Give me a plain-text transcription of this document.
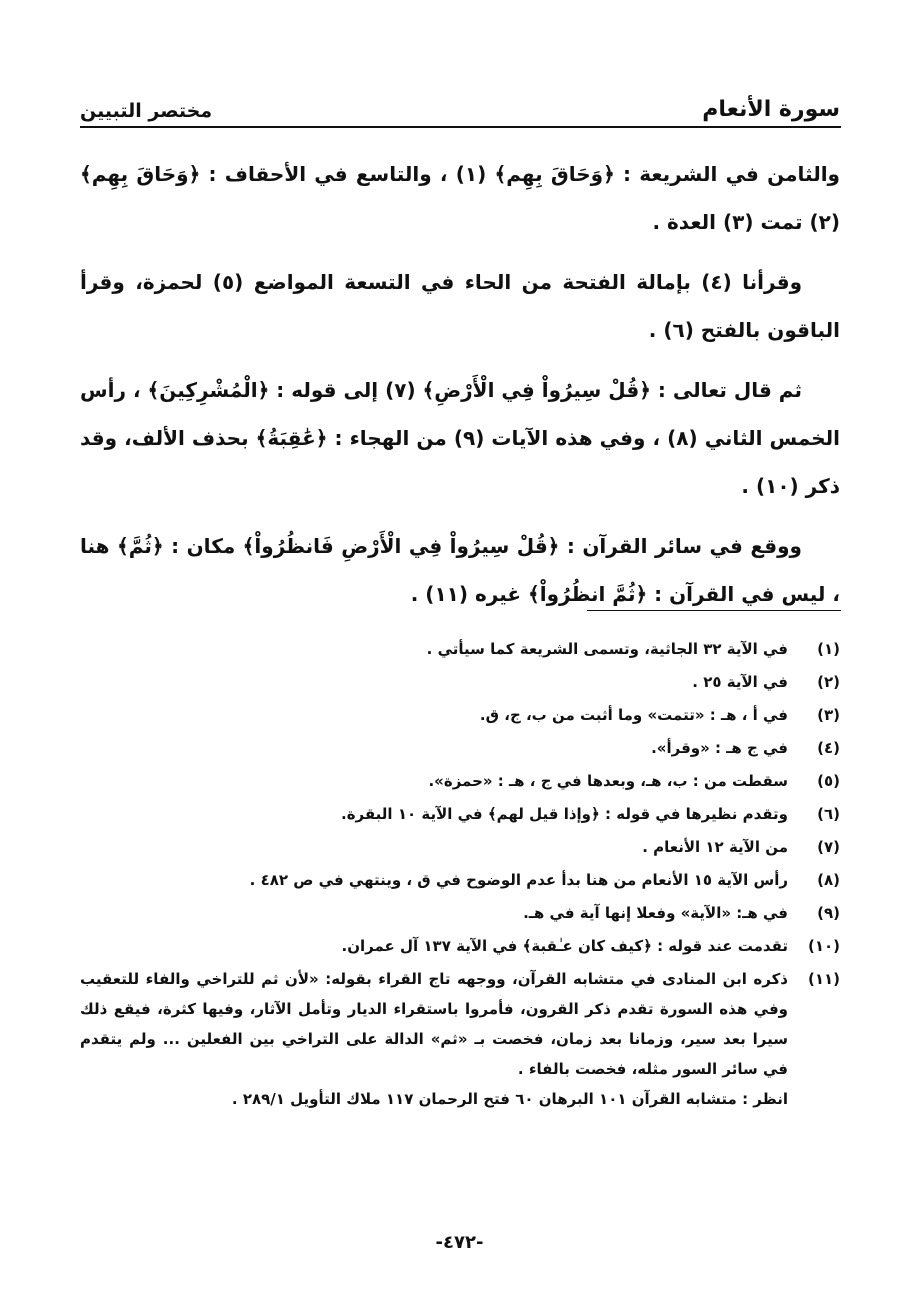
مختصر التبيين	سورة الأنعام

والثامن في الشريعة : ﴿وَحَاقَ بِهِم﴾ (١) ، والتاسع في الأحقاف : ﴿وَحَاقَ بِهِم﴾ (٢) تمت (٣) العدة .

وقرأنا (٤) بإمالة الفتحة من الحاء في التسعة المواضع (٥) لحمزة، وقرأ الباقون بالفتح (٦) .

ثم قال تعالى : ﴿قُلْ سِيرُواْ فِي الْأَرْضِ﴾ (٧) إلى قوله : ﴿الْمُشْرِكِينَ﴾ ، رأس الخمس الثاني (٨) ، وفي هذه الآيات (٩) من الهجاء : ﴿عَٰقِبَةُ﴾ بحذف الألف، وقد ذكر (١٠) .

ووقع في سائر القرآن : ﴿قُلْ سِيرُواْ فِي الْأَرْضِ فَانظُرُواْ﴾ مكان : ﴿ثُمَّ﴾ هنا ، ليس في القرآن : ﴿ثُمَّ انظُرُواْ﴾ غيره (١١) .

(١)
في الآية ٣٢ الجاثية، وتسمى الشريعة كما سيأتي .
(٢)
في الآية ٢٥ .
(٣)
في أ ، هـ : «تتمت» وما أثبت من ب، ج، ق.
(٤)
في ج هـ : «وقرأ».
(٥)
سقطت من : ب، هـ، وبعدها في ج ، هـ : «حمزة».
(٦)
وتقدم نظيرها في قوله : ﴿وإذا قيل لهم﴾ في الآية ١٠ البقرة.
(٧)
من الآية ١٢ الأنعام .
(٨)
رأس الآية ١٥ الأنعام من هنا بدأ عدم الوضوح في ق ، وينتهي في ص ٤٨٢ .
(٩)
في هـ: «الآية» وفعلا إنها آية في هـ.
(١٠)
تقدمت عند قوله : ﴿كيف كان عـٰقبة﴾ في الآية ١٣٧ آل عمران.
(١١)
ذكره ابن المنادى في متشابه القرآن، ووجهه تاج القراء بقوله: «لأن ثم للتراخي والفاء للتعقيب وفي هذه السورة تقدم ذكر القرون، فأمروا باستقراء الديار وتأمل الآثار، وفيها كثرة، فيقع ذلك سيرا بعد سير، وزمانا بعد زمان، فخصت بـ «ثم» الدالة على التراخي بين الفعلين ... ولم يتقدم في سائر السور مثله، فخصت بالفاء .
انظر : متشابه القرآن ١٠١ البرهان ٦٠ فتح الرحمان ١١٧ ملاك التأويل ٢٨٩/١ .
-٤٧٢-
